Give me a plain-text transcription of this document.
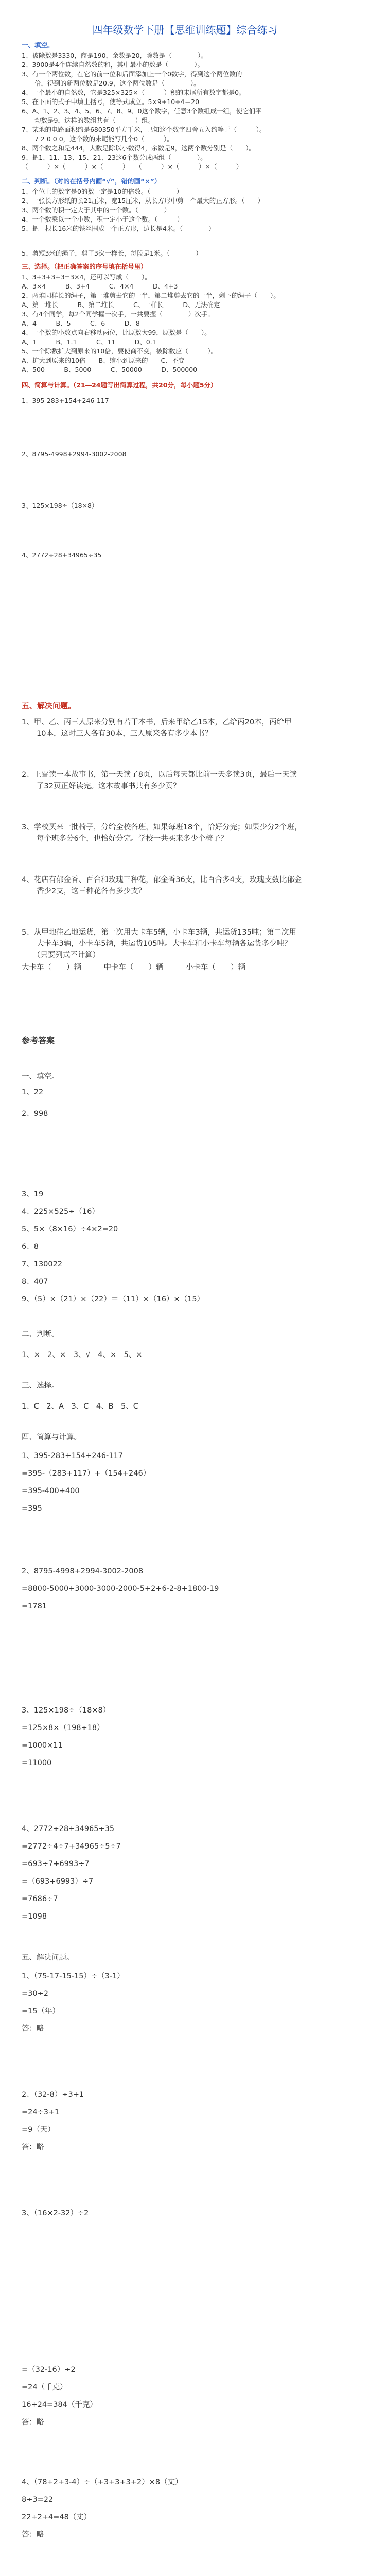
四年级数学下册【思维训练题】综合练习
一、填空。
1、被除数是3330，商是190，余数是20，除数是（　　　　）。
2、3900是4个连续自然数的和，其中最小的数是（　　　　）。
3、有一个两位数，在它的前一位和后面添加上一个0数字，得到这个两位数的
　　倍，得到的新两位数是20.9，这个两位数是（　　　　）。
4、一个最小的自然数，它是325×325×（　　　）积的末尾所有数字都是0。
5、在下面的式子中填上括号，使等式成立。5×9+10÷4＝20
6、A、1、2、3、4、5、6、7、8、9、0这个数字，任意3个数组成一组，使它们平
　　均数是9，这样的数组共有（　　　）组。
7、某地的电路面积约是680350平方千米，已知这个数字四舍五入约等于（　　　）。
　　7 2 0 0 0，这个数的末尾能写几个0（　　　）。
8、两个数之和是444，大数是除以小数得4，余数是9，这两个数分别是（　　）。
9、把1、11、13、15、21、23这6个数分成两组（　　　　）。
（　　　）×（　　　）×（　　　）＝（　　　）×（　　　）×（　　　）
二、判断。（对的在括号内画“√”，错的画“×”）
1、个位上的数字是0的数一定是10的倍数。（　　　　）
2、一张长方形纸的长21厘米，宽15厘米，从长方形中剪一个最大的正方形。（　　）
3、两个数的积一定大于其中的一个数。（　　　　）
4、一个数乘以一个小数，积一定小于这个数。（　　　）
5、把一根长16米的铁丝围成一个正方形，边长是4米。（　　　　）

5、剪短3米的绳子，剪了3次一样长，每段是1米。（　　　　）
三、选择。（把正确答案的序号填在括号里）
1、3+3+3+3=3×4，还可以写成（　　）。
A、3×4　　　B、3+4　　　C、4×4　　　D、4+3
2、两堆同样长的绳子，第一堆剪去它的一半，第二堆剪去它的一半，剩下的绳子（　　）。
A、第一堆长　　　B、第二堆长　　　C、一样长　　　D、无法确定
3、有4个同学，每2个同学握一次手，一共要握（　　　　）次手。
A、4　　　B、5　　　C、6　　　D、8
4、一个数的小数点向右移动两位，比原数大99，原数是（　　）。
A、1　　　B、1.1　　　C、11　　　D、0.1
5、一个除数扩大到原来的10倍，要使商不变，被除数应（　　　）。
A、扩大到原来的10倍　　B、缩小到原来的　　C、不变
A、500　　　B、5000　　　C、50000　　　D、500000
四、简算与计算。（21―24题写出简算过程，共20分，每小题5分）
1、395-283+154+246-117
2、8795-4998+2994-3002-2008
3、125×198÷（18×8）
4、2772÷28+34965÷35
五、解决问题。
1、甲、乙、丙三人原来分别有若干本书，后来甲给乙15本，乙给丙20本，丙给甲
　　10本，这时三人各有30本，三人原来各有多少本书？
2、王雪读一本故事书，第一天读了8页，以后每天都比前一天多读3页，最后一天读
　　了32页正好读完。这本故事书共有多少页？
3、学校买来一批椅子，分给全校各班，如果每班18个，恰好分完；如果少分2个班，
　　每个班多分6个，也恰好分完。学校一共买来多少个椅子？
4、花店有郁金香、百合和玫瑰三种花，郁金香36支，比百合多4支，玫瑰支数比郁金
　　香少2支，这三种花各有多少支？
5、从甲地往乙地运货，第一次用大卡车5辆，小卡车3辆，共运货135吨；第二次用
　　大卡车3辆，小卡车5辆，共运货105吨。大卡车和小卡车每辆各运货多少吨？
　　（只要列式不计算）
大卡车（　　）辆　　　中卡车（　　）辆　　　小卡车（　　）辆
参考答案
一、填空。
1、22
2、998
3、19
4、225×525÷（16）
5、5×（8×16）÷4×2=20
6、8
7、130022
8、407
9、（5）×（21）×（22）＝（11）×（16）×（15）
二、判断。
1、×　2、×　3、√　4、×　5、×
三、选择。
1、C　2、A　3、C　4、B　5、C
四、简算与计算。
1、395-283+154+246-117
=395-（283+117）+（154+246）
=395-400+400
=395
2、8795-4998+2994-3002-2008
=8800-5000+3000-3000-2000-5+2+6-2-8+1800-19
=1781
3、125×198÷（18×8）
=125×8×（198÷18）
=1000×11
=11000
4、2772÷28+34965÷35
=2772÷4÷7+34965÷5÷7
=693÷7+6993÷7
=（693+6993）÷7
=7686÷7
=1098
五、解决问题。
1、（75-17-15-15）÷（3-1）
=30÷2
=15（年）
答：略
2、（32-8）÷3+1
=24÷3+1
=9（天）
答：略
3、（16×2-32）÷2
=（32-16）÷2
=24（千克）
16+24=384（千克）
答：略
4、（78+2+3-4）÷（+3+3+3+2）×8（丈）
8÷3=22
22+2+4=48（丈）
答：略
